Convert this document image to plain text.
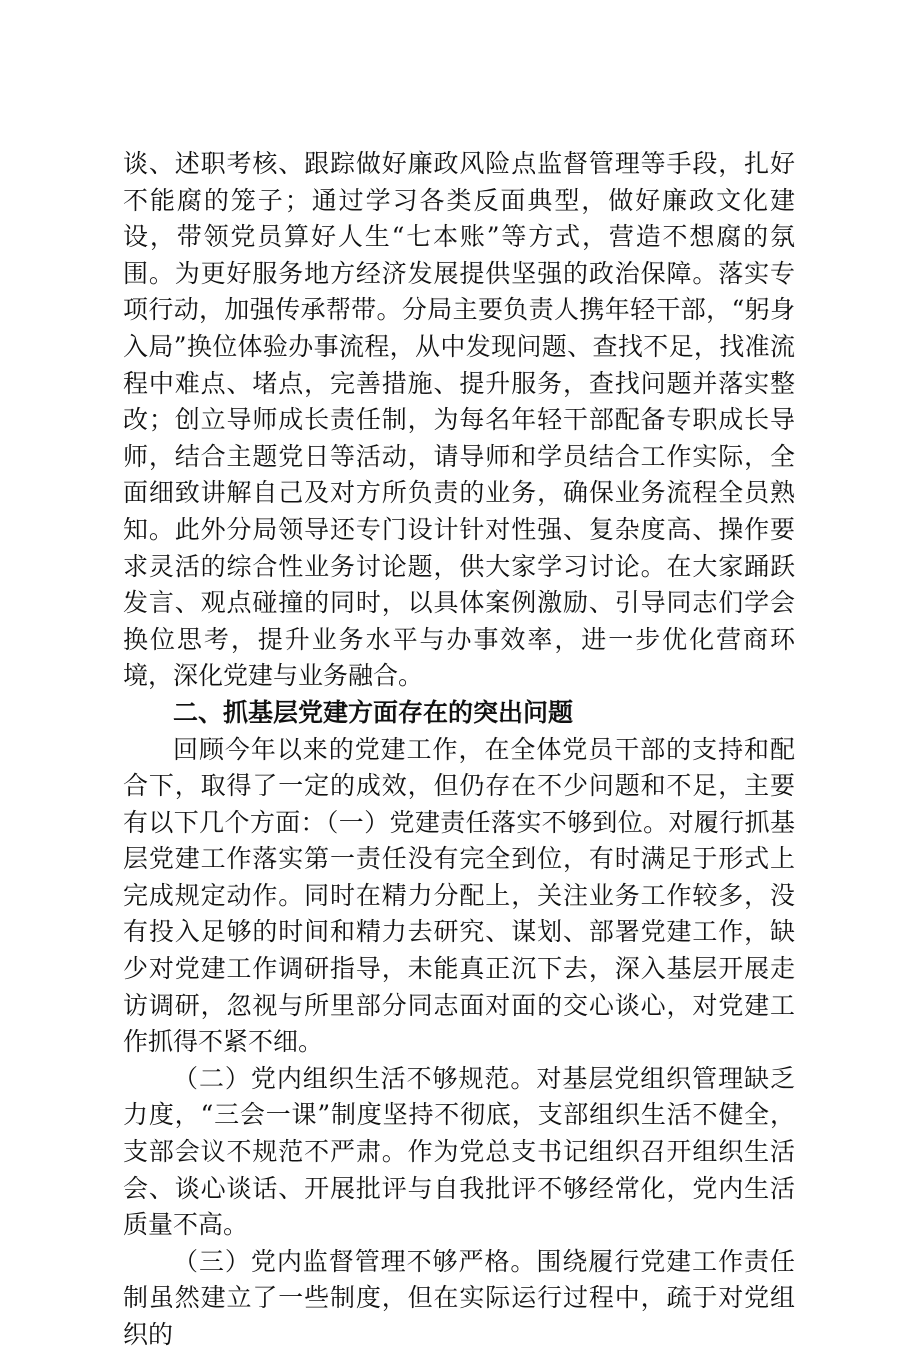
谈、述职考核、跟踪做好廉政风险点监督管理等手段，扎好不能腐的笼子；通过学习各类反面典型，做好廉政文化建设，带领党员算好人生“七本账”等方式，营造不想腐的氛围。为更好服务地方经济发展提供坚强的政治保障。落实专项行动，加强传承帮带。分局主要负责人携年轻干部，“躬身入局”换位体验办事流程，从中发现问题、查找不足，找准流程中难点、堵点，完善措施、提升服务，查找问题并落实整改；创立导师成长责任制，为每名年轻干部配备专职成长导师，结合主题党日等活动，请导师和学员结合工作实际，全面细致讲解自己及对方所负责的业务，确保业务流程全员熟知。此外分局领导还专门设计针对性强、复杂度高、操作要求灵活的综合性业务讨论题，供大家学习讨论。在大家踊跃发言、观点碰撞的同时，以具体案例激励、引导同志们学会换位思考，提升业务水平与办事效率，进一步优化营商环境，深化党建与业务融合。

二、抓基层党建方面存在的突出问题

回顾今年以来的党建工作，在全体党员干部的支持和配合下，取得了一定的成效，但仍存在不少问题和不足，主要有以下几个方面：（一）党建责任落实不够到位。对履行抓基层党建工作落实第一责任没有完全到位，有时满足于形式上完成规定动作。同时在精力分配上，关注业务工作较多，没有投入足够的时间和精力去研究、谋划、部署党建工作，缺少对党建工作调研指导，未能真正沉下去，深入基层开展走访调研，忽视与所里部分同志面对面的交心谈心，对党建工作抓得不紧不细。

（二）党内组织生活不够规范。对基层党组织管理缺乏力度，“三会一课”制度坚持不彻底，支部组织生活不健全，支部会议不规范不严肃。作为党总支书记组织召开组织生活会、谈心谈话、开展批评与自我批评不够经常化，党内生活质量不高。

（三）党内监督管理不够严格。围绕履行党建工作责任制虽然建立了一些制度，但在实际运行过程中，疏于对党组织的
